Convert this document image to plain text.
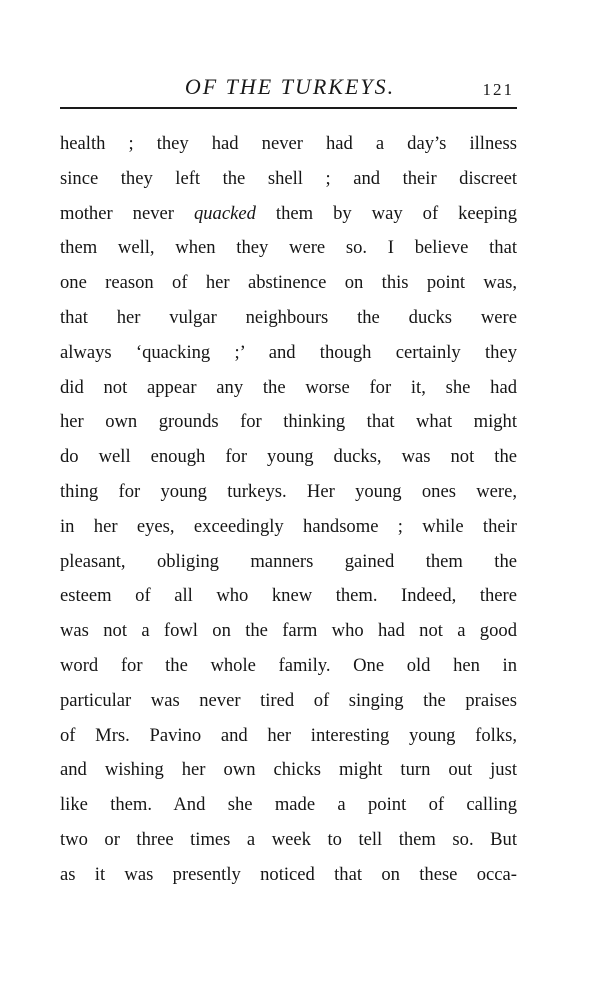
OF THE TURKEYS.	121
health ; they had never had a day’s illness
since they left the shell ; and their discreet
mother never quacked them by way of keeping
them well, when they were so. I believe that
one reason of her abstinence on this point was,
that her vulgar neighbours the ducks were
always ‘quacking ;’ and though certainly they
did not appear any the worse for it, she had
her own grounds for thinking that what might
do well enough for young ducks, was not the
thing for young turkeys. Her young ones were,
in her eyes, exceedingly handsome ; while their
pleasant, obliging manners gained them the
esteem of all who knew them. Indeed, there
was not a fowl on the farm who had not a good
word for the whole family. One old hen in
particular was never tired of singing the praises
of Mrs. Pavino and her interesting young folks,
and wishing her own chicks might turn out just
like them. And she made a point of calling
two or three times a week to tell them so. But
as it was presently noticed that on these occa-
